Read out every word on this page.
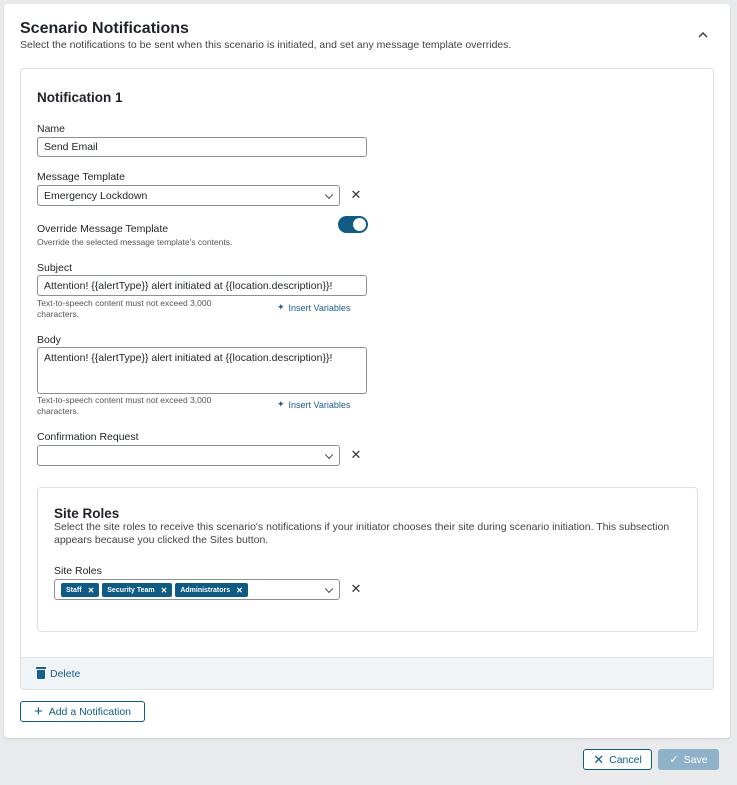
Scenario Notifications
Select the notifications to be sent when this scenario is initiated, and set any message template overrides.
Notification 1
Name
Send Email
Message Template
Emergency Lockdown	✕
Override Message Template
Override the selected message template's contents.
Subject
Attention! {{alertType}} alert initiated at {{location.description}}!
Text-to-speech content must not exceed 3,000 characters.
✦ Insert Variables
Body
Attention! {{alertType}} alert initiated at {{location.description}}!
Text-to-speech content must not exceed 3,000 characters.
✦ Insert Variables
Confirmation Request
✕
Site Roles
Select the site roles to receive this scenario's notifications if your initiator chooses their site during scenario initiation. This subsection appears because you clicked the Sites button.
Site Roles
Staff ✕ Security Team ✕ Administrators ✕	✕
Delete
+ Add a Notification
✕ Cancel	✓ Save
